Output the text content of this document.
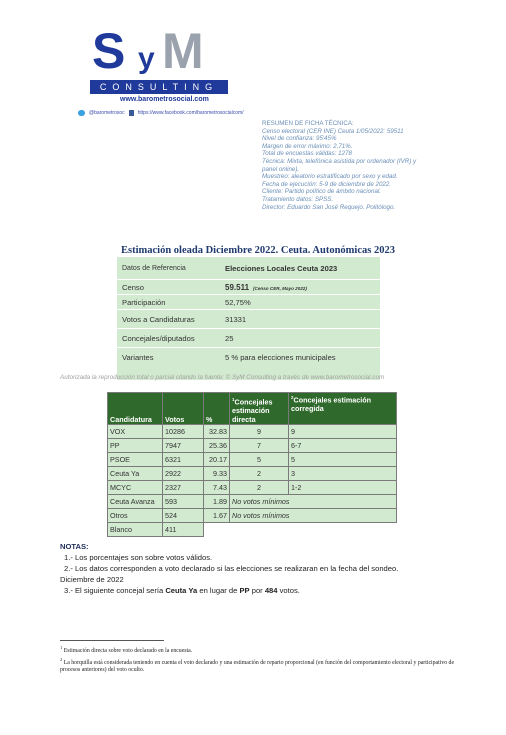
S y M
CONSULTING
www.barometrosocial.com
@barometrosoc	https://www.facebook.com/barometrosocialcom/
RESUMEN DE FICHA TÉCNICA:
Censo electoral (CER INE) Ceuta 1/05/2022: 59511
Nivel de confianza: 95'45%
Margen de error máximo: 2,71%.
Total de encuestas válidas: 1278
Técnica: Mixta, telefónica asistida por ordenador (IVR) y
panel online).
Muestreo: aleatorio estratificado por sexo y edad.
Fecha de ejecución: 5-9 de diciembre de 2022.
Cliente: Partido político de ámbito nacional.
Tratamiento datos: SPSS.
Director: Eduardo San José Requejo. Politólogo.
Estimación oleada Diciembre 2022. Ceuta. Autonómicas 2023
Datos de Referencia	Elecciones Locales Ceuta 2023
Censo	59.511 (Censo CER, Mayo 2022)
Participación	52,75%
Votos a Candidaturas	31331
Concejales/diputados	25
Variantes	5 % para elecciones municipales
Autorizada la reproducción total o parcial citando la fuente: © SyM Consulting a través de www.barometrosocial.com
Candidatura	Votos	%	$^1$Concejales estimación directa	$^2$Concejales estimación corregida
VOX	10286	32.83	9	9
PP	7947	25.36	7	6-7
PSOE	6321	20.17	5	5
Ceuta Ya	2922	9.33	2	3
MCYC	2327	7.43	2	1-2
Ceuta Avanza	593	1.89	No votos mínimos	
Otros	524	1.67	No votos mínimos	
Blanco	411			
NOTAS:
1.- Los porcentajes son sobre votos válidos.
2.- Los datos corresponden a voto declarado si las elecciones se realizaran en la fecha del sondeo.
Diciembre de 2022
3.- El siguiente concejal sería Ceuta Ya en lugar de PP por 484 votos.
$^1$ Estimación directa sobre voto declarado en la encuesta.
$^2$ La horquilla está considerada teniendo en cuenta el voto declarado y una estimación de reparto proporcional (en función del comportamiento electoral y participativo de procesos anteriores) del voto oculto.
